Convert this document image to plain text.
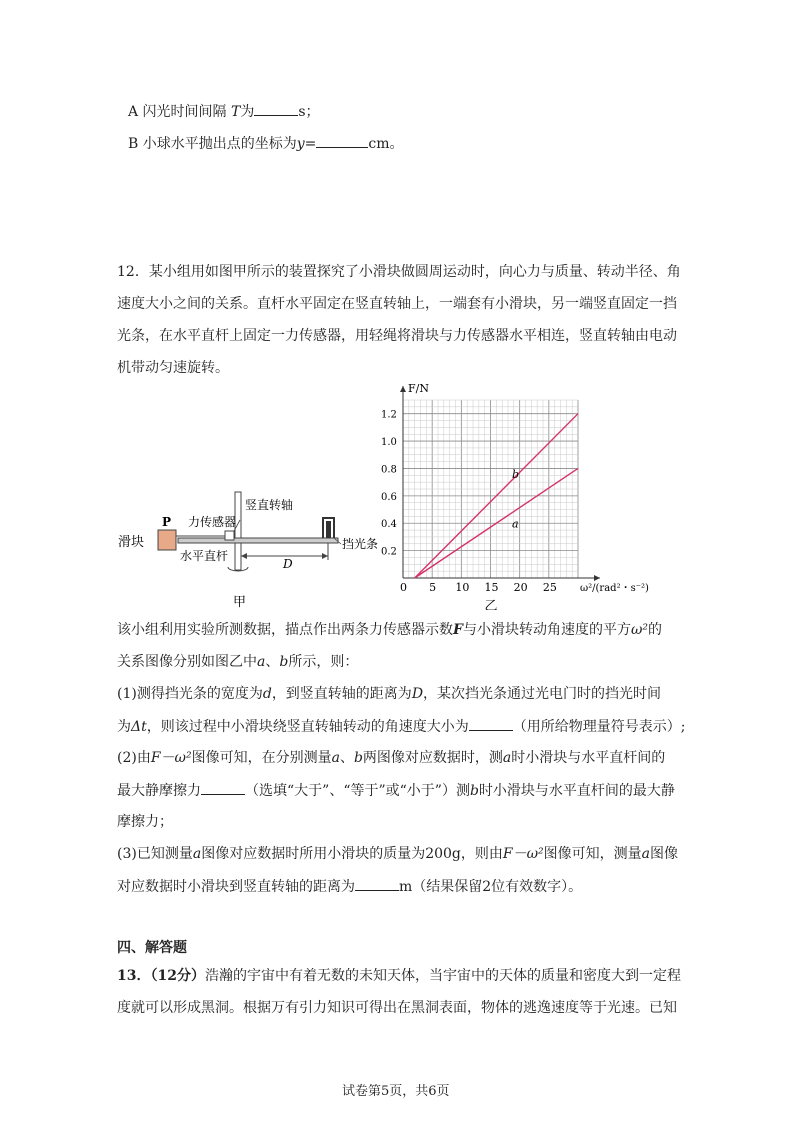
A 闪光时间间隔 T为	s；
B 小球水平抛出点的坐标为y=	cm。
12．某小组用如图甲所示的装置探究了小滑块做圆周运动时，向心力与质量、转动半径、角
速度大小之间的关系。直杆水平固定在竖直转轴上，一端套有小滑块，另一端竖直固定一挡
光条，在水平直杆上固定一力传感器，用轻绳将滑块与力传感器水平相连，竖直转轴由电动
机带动匀速旋转。
滑块
P 力传感器
竖直转轴
水平直杆
D
挡光条
甲
0 5 10 15 20 25
0.2
0.4
0.6
0.8
1.0
1.2
b
a
F/N
ω²/(rad²・s⁻²)
乙
该小组利用实验所测数据，描点作出两条力传感器示数F与小滑块转动角速度的平方ω²的
关系图像分别如图乙中a、b所示，则：
(1)测得挡光条的宽度为d，到竖直转轴的距离为D，某次挡光条通过光电门时的挡光时间
为Δt，则该过程中小滑块绕竖直转轴转动的角速度大小为	（用所给物理量符号表示）;
(2)由F－ω²图像可知，在分别测量a、b两图像对应数据时，测a时小滑块与水平直杆间的
最大静摩擦力	（选填“大于”、“等于”或“小于”）测b时小滑块与水平直杆间的最大静
摩擦力；
(3)已知测量a图像对应数据时所用小滑块的质量为200g，则由F－ω²图像可知，测量a图像
对应数据时小滑块到竖直转轴的距离为	m（结果保留2位有效数字）。
四、解答题
13．（12分）浩瀚的宇宙中有着无数的未知天体，当宇宙中的天体的质量和密度大到一定程
度就可以形成黑洞。根据万有引力知识可得出在黑洞表面，物体的逃逸速度等于光速。已知
试卷第5页，共6页
